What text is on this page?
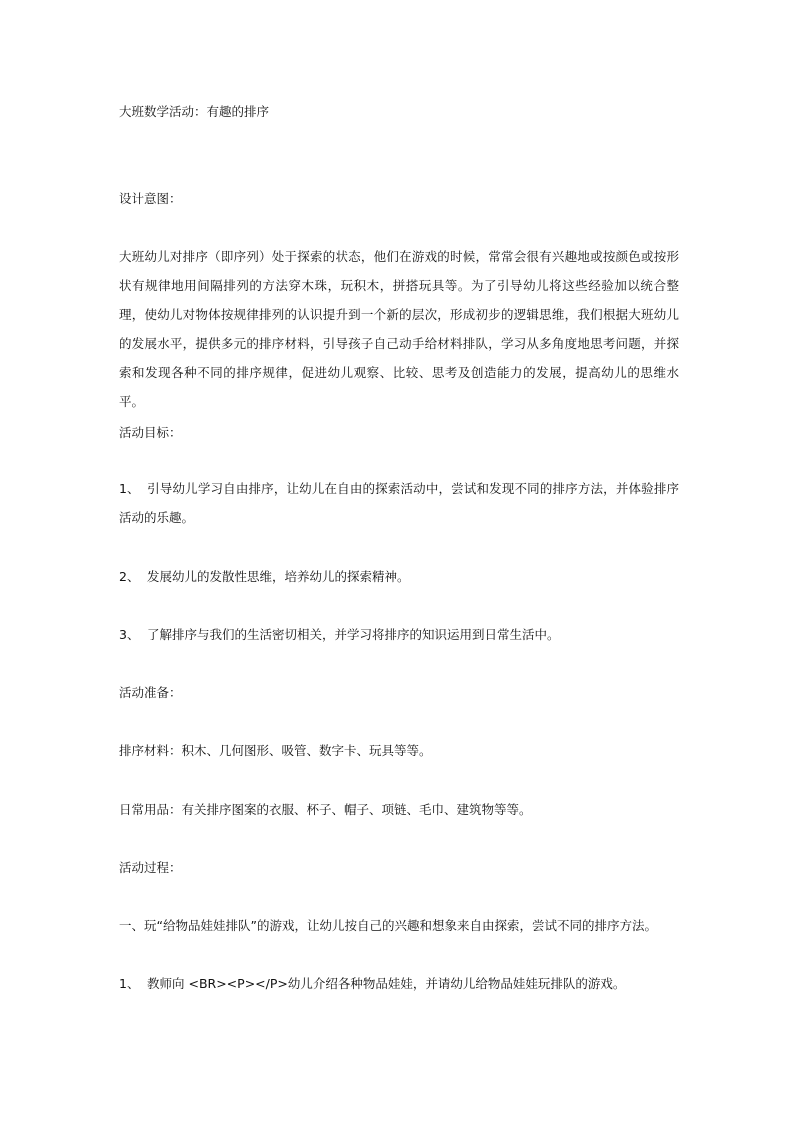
大班数学活动：有趣的排序
设计意图：
大班幼儿对排序（即序列）处于探索的状态，他们在游戏的时候，常常会很有兴趣地或按颜色或按形状有规律地用间隔排列的方法穿木珠，玩积木，拼搭玩具等。为了引导幼儿将这些经验加以统合整理，使幼儿对物体按规律排列的认识提升到一个新的层次，形成初步的逻辑思维，我们根据大班幼儿的发展水平，提供多元的排序材料，引导孩子自己动手给材料排队，学习从多角度地思考问题，并探索和发现各种不同的排序规律，促进幼儿观察、比较、思考及创造能力的发展，提高幼儿的思维水平。
活动目标：
1、 引导幼儿学习自由排序，让幼儿在自由的探索活动中，尝试和发现不同的排序方法，并体验排序活动的乐趣。
2、 发展幼儿的发散性思维，培养幼儿的探索精神。
3、 了解排序与我们的生活密切相关，并学习将排序的知识运用到日常生活中。
活动准备：
排序材料：积木、几何图形、吸管、数字卡、玩具等等。
日常用品：有关排序图案的衣服、杯子、帽子、项链、毛巾、建筑物等等。
活动过程：
一、玩“给物品娃娃排队”的游戏，让幼儿按自己的兴趣和想象来自由探索，尝试不同的排序方法。
1、 教师向 <BR><P></P>幼儿介绍各种物品娃娃，并请幼儿给物品娃娃玩排队的游戏。
